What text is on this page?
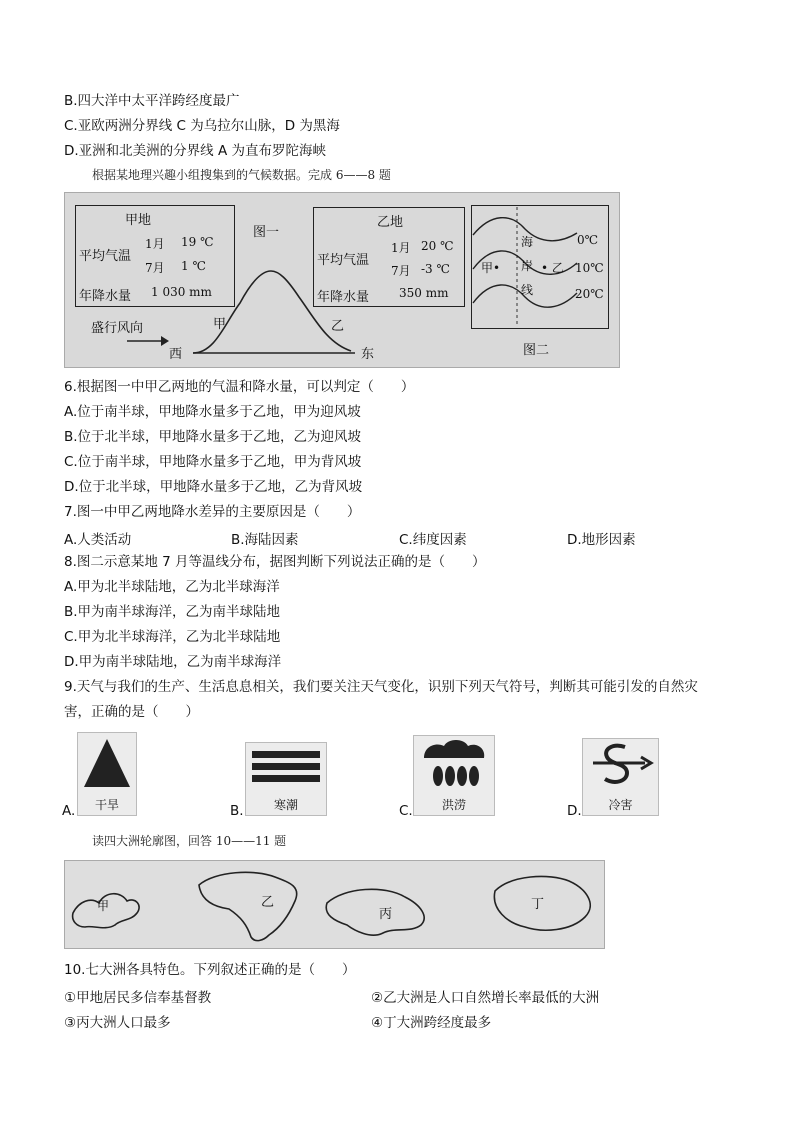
B.四大洋中太平洋跨经度最广
C.亚欧两洲分界线 C 为乌拉尔山脉，D 为黑海
D.亚洲和北美洲的分界线 A 为直布罗陀海峡
根据某地理兴趣小组搜集到的气候数据。完成 6——8 题
甲地
平均气温
1月 19 ℃
7月 1 ℃
年降水量 1 030 mm
图一
乙地
平均气温
1月 20 ℃
7月 -3 ℃
年降水量 350 mm
盛行风向
西	东
甲	乙
海
岸
线
甲•	• 乙
0℃
10℃
20℃
图二
6.根据图一中甲乙两地的气温和降水量，可以判定（　　）
A.位于南半球，甲地降水量多于乙地，甲为迎风坡
B.位于北半球，甲地降水量多于乙地，乙为迎风坡
C.位于南半球，甲地降水量多于乙地，甲为背风坡
D.位于北半球，甲地降水量多于乙地，乙为背风坡
7.图一中甲乙两地降水差异的主要原因是（　　）
A.人类活动	B.海陆因素	C.纬度因素	D.地形因素
8.图二示意某地 7 月等温线分布，据图判断下列说法正确的是（　　）
A.甲为北半球陆地，乙为北半球海洋
B.甲为南半球海洋，乙为南半球陆地
C.甲为北半球海洋，乙为北半球陆地
D.甲为南半球陆地，乙为南半球海洋
9.天气与我们的生产、生活息息相关，我们要关注天气变化，识别下列天气符号，判断其可能引发的自然灾
害，正确的是（　　）
A.	干旱	B.	寒潮	C.	洪涝	D.	冷害
读四大洲轮廓图，回答 10——11 题
甲	乙
丙
丁
10.七大洲各具特色。下列叙述正确的是（　　）
①甲地居民多信奉基督教	②乙大洲是人口自然增长率最低的大洲
③丙大洲人口最多	④丁大洲跨经度最多
